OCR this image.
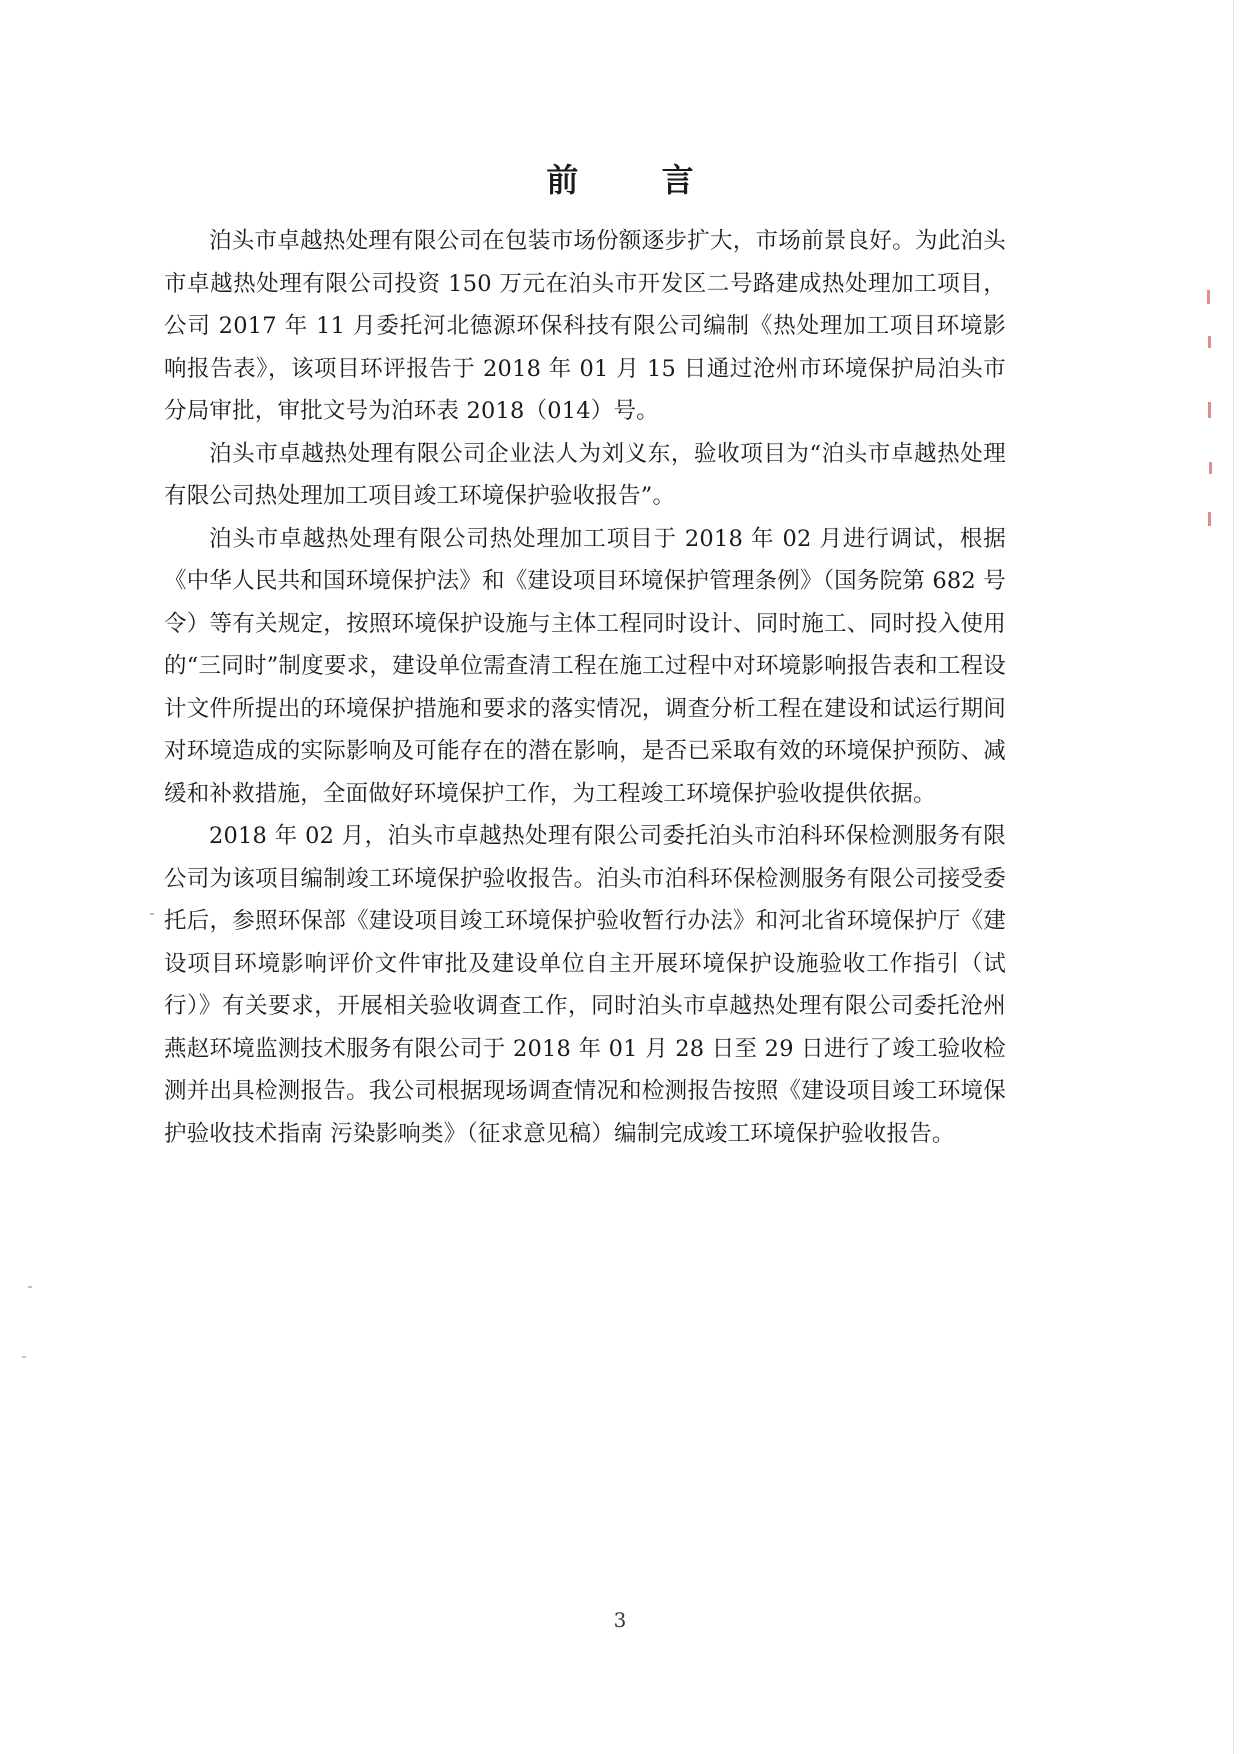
前 言

泊头市卓越热处理有限公司在包装市场份额逐步扩大，市场前景良好。为此泊头市卓越热处理有限公司投资 150 万元在泊头市开发区二号路建成热处理加工项目，公司 2017 年 11 月委托河北德源环保科技有限公司编制《热处理加工项目环境影响报告表》，该项目环评报告于 2018 年 01 月 15 日通过沧州市环境保护局泊头市分局审批，审批文号为泊环表 2018（014）号。

泊头市卓越热处理有限公司企业法人为刘义东，验收项目为“泊头市卓越热处理有限公司热处理加工项目竣工环境保护验收报告”。

泊头市卓越热处理有限公司热处理加工项目于 2018 年 02 月进行调试，根据《中华人民共和国环境保护法》和《建设项目环境保护管理条例》（国务院第 682 号令）等有关规定，按照环境保护设施与主体工程同时设计、同时施工、同时投入使用的“三同时”制度要求，建设单位需查清工程在施工过程中对环境影响报告表和工程设计文件所提出的环境保护措施和要求的落实情况，调查分析工程在建设和试运行期间对环境造成的实际影响及可能存在的潜在影响，是否已采取有效的环境保护预防、减缓和补救措施，全面做好环境保护工作，为工程竣工环境保护验收提供依据。

2018 年 02 月，泊头市卓越热处理有限公司委托泊头市泊科环保检测服务有限公司为该项目编制竣工环境保护验收报告。泊头市泊科环保检测服务有限公司接受委托后，参照环保部《建设项目竣工环境保护验收暂行办法》和河北省环境保护厅《建设项目环境影响评价文件审批及建设单位自主开展环境保护设施验收工作指引（试行）》有关要求，开展相关验收调查工作，同时泊头市卓越热处理有限公司委托沧州燕赵环境监测技术服务有限公司于 2018 年 01 月 28 日至 29 日进行了竣工验收检测并出具检测报告。我公司根据现场调查情况和检测报告按照《建设项目竣工环境保护验收技术指南 污染影响类》（征求意见稿）编制完成竣工环境保护验收报告。

3
